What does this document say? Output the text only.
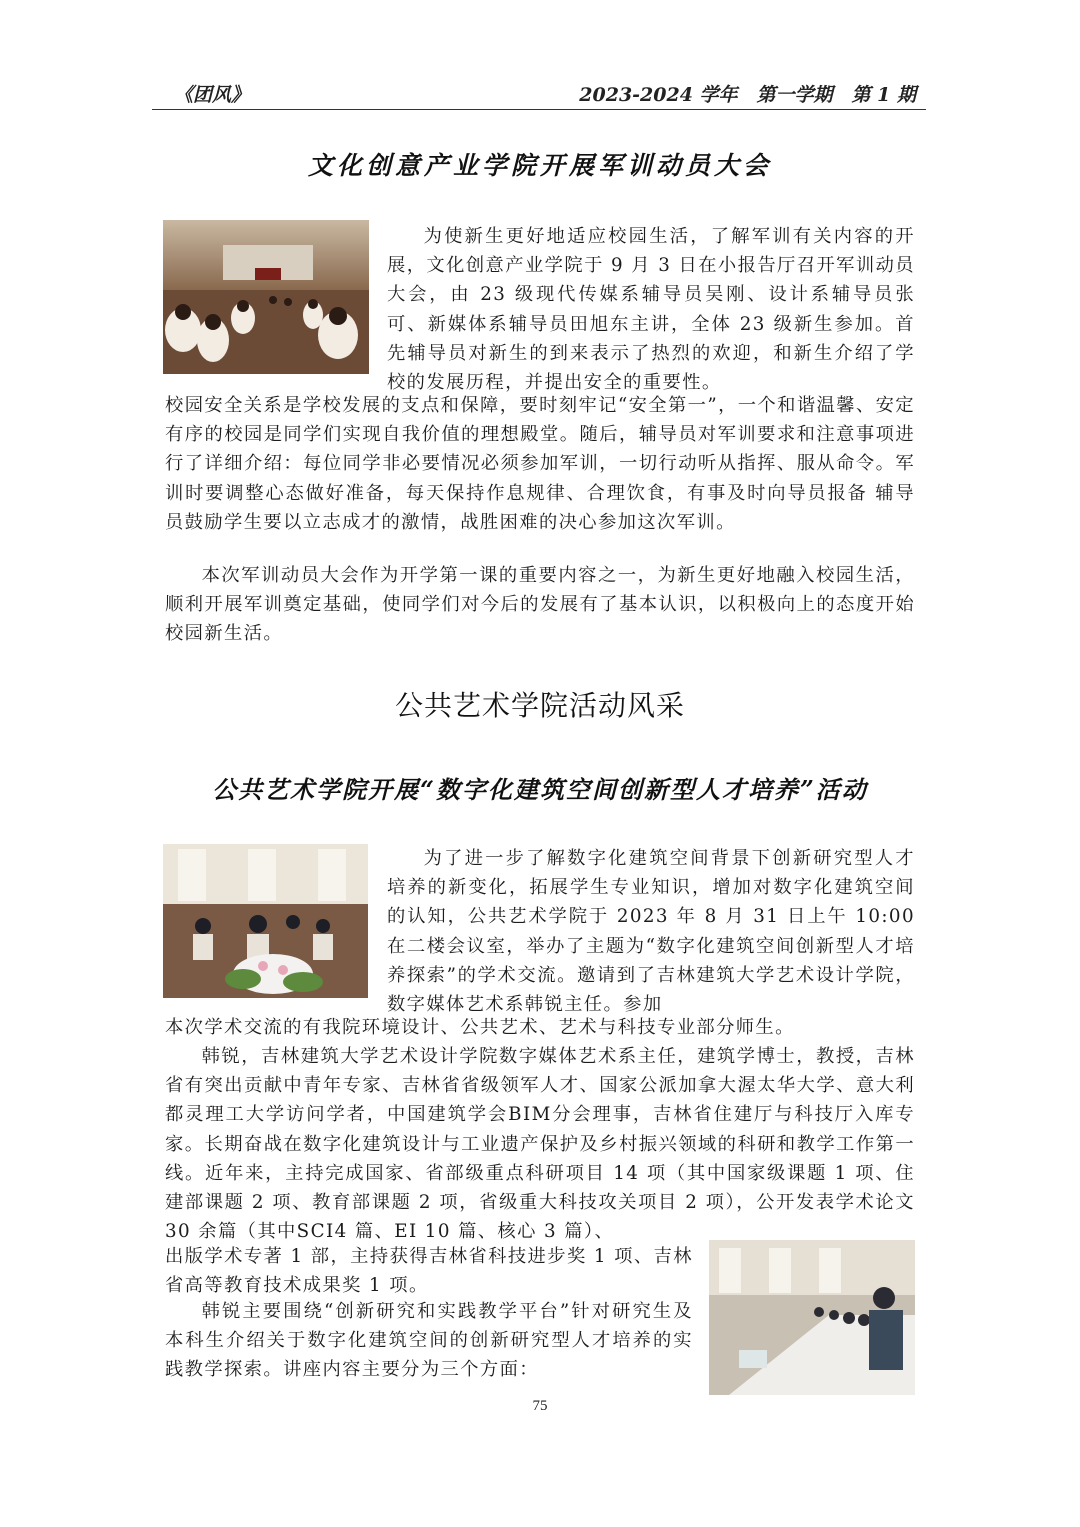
《团风》	2023-2024 学年　第一学期　第 1 期
文化创意产业学院开展军训动员大会

为使新生更好地适应校园生活，了解军训有关内容的开展，文化创意产业学院于 9 月 3 日在小报告厅召开军训动员大会，由 23 级现代传媒系辅导员吴刚、设计系辅导员张可、新媒体系辅导员田旭东主讲，全体 23 级新生参加。首先辅导员对新生的到来表示了热烈的欢迎，和新生介绍了学校的发展历程，并提出安全的重要性。

校园安全关系是学校发展的支点和保障，要时刻牢记“安全第一”，一个和谐温馨、安定有序的校园是同学们实现自我价值的理想殿堂。随后，辅导员对军训要求和注意事项进行了详细介绍：每位同学非必要情况必须参加军训，一切行动听从指挥、服从命令。军训时要调整心态做好准备，每天保持作息规律、合理饮食，有事及时向导员报备 辅导员鼓励学生要以立志成才的激情，战胜困难的决心参加这次军训。

本次军训动员大会作为开学第一课的重要内容之一，为新生更好地融入校园生活，顺利开展军训奠定基础，使同学们对今后的发展有了基本认识，以积极向上的态度开始校园新生活。

公共艺术学院活动风采
公共艺术学院开展“数字化建筑空间创新型人才培养”活动

为了进一步了解数字化建筑空间背景下创新研究型人才培养的新变化，拓展学生专业知识，增加对数字化建筑空间的认知，公共艺术学院于 2023 年 8 月 31 日上午 10:00 在二楼会议室，举办了主题为“数字化建筑空间创新型人才培养探索”的学术交流。邀请到了吉林建筑大学艺术设计学院，数字媒体艺术系韩锐主任。参加

本次学术交流的有我院环境设计、公共艺术、艺术与科技专业部分师生。

韩锐，吉林建筑大学艺术设计学院数字媒体艺术系主任，建筑学博士，教授，吉林省有突出贡献中青年专家、吉林省省级领军人才、国家公派加拿大渥太华大学、意大利都灵理工大学访问学者，中国建筑学会BIM分会理事，吉林省住建厅与科技厅入库专家。长期奋战在数字化建筑设计与工业遗产保护及乡村振兴领域的科研和教学工作第一线。近年来，主持完成国家、省部级重点科研项目 14 项（其中国家级课题 1 项、住建部课题 2 项、教育部课题 2 项，省级重大科技攻关项目 2 项），公开发表学术论文 30 余篇（其中SCI4 篇、EI 10 篇、核心 3 篇）、

出版学术专著 1 部，主持获得吉林省科技进步奖 1 项、吉林省高等教育技术成果奖 1 项。

韩锐主要围绕“创新研究和实践教学平台”针对研究生及本科生介绍关于数字化建筑空间的创新研究型人才培养的实践教学探索。讲座内容主要分为三个方面：

75
